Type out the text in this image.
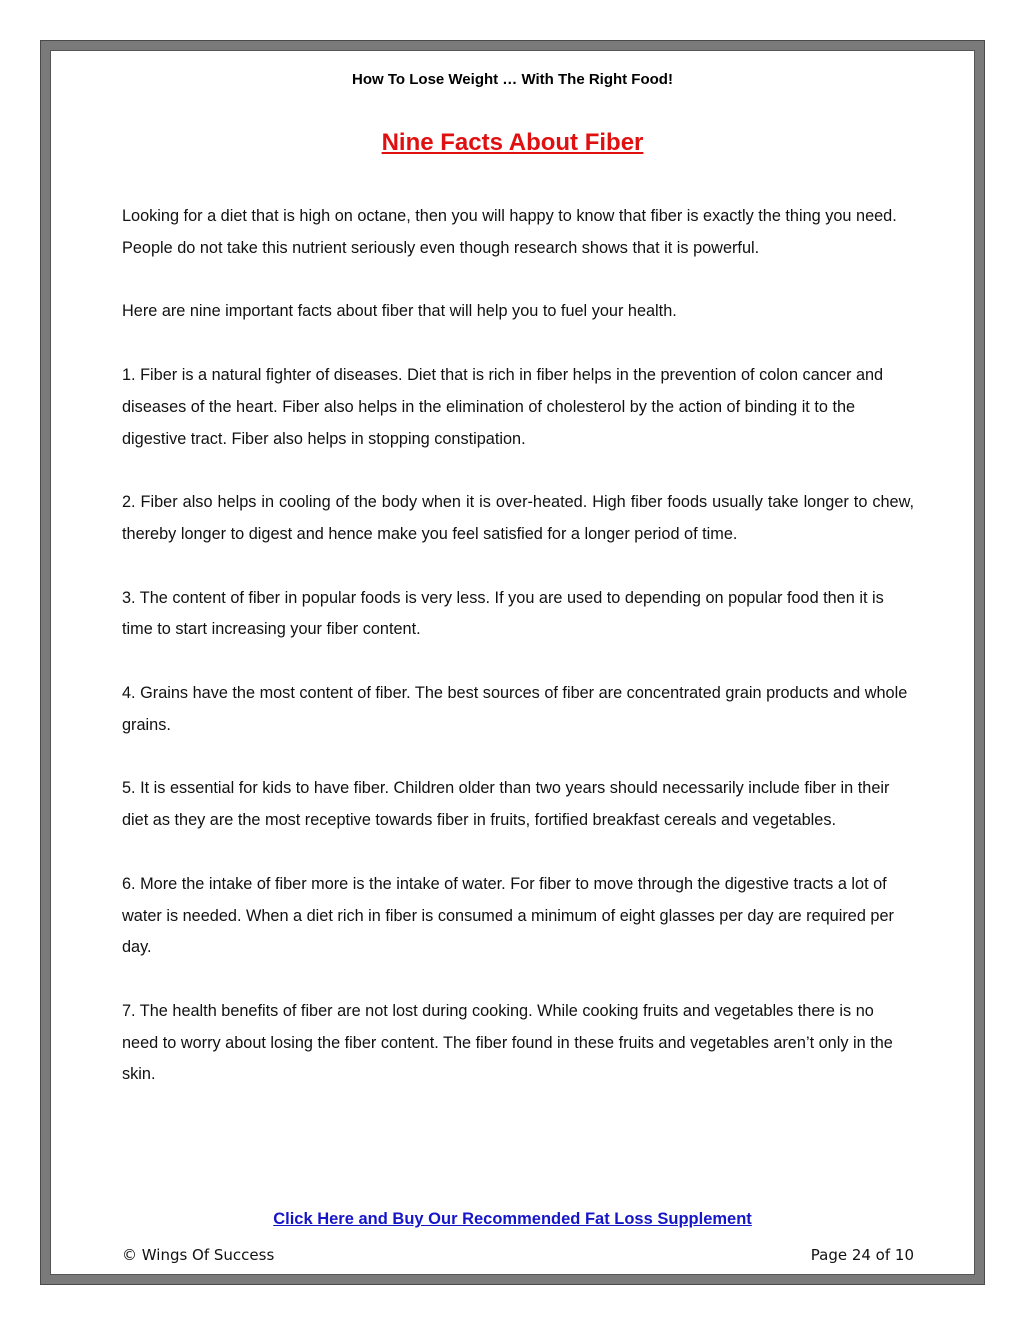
How To Lose Weight … With The Right Food!
Nine Facts About Fiber

Looking for a diet that is high on octane, then you will happy to know that fiber is exactly the thing you need. People do not take this nutrient seriously even though research shows that it is powerful.

Here are nine important facts about fiber that will help you to fuel your health.

1. Fiber is a natural fighter of diseases. Diet that is rich in fiber helps in the prevention of colon cancer and diseases of the heart. Fiber also helps in the elimination of cholesterol by the action of binding it to the digestive tract. Fiber also helps in stopping constipation.

2. Fiber also helps in cooling of the body when it is over-heated. High fiber foods usually take longer to chew, thereby longer to digest and hence make you feel satisfied for a longer period of time.

3. The content of fiber in popular foods is very less. If you are used to depending on popular food then it is time to start increasing your fiber content.

4. Grains have the most content of fiber. The best sources of fiber are concentrated grain products and whole grains.

5. It is essential for kids to have fiber. Children older than two years should necessarily include fiber in their diet as they are the most receptive towards fiber in fruits, fortified breakfast cereals and vegetables.

6. More the intake of fiber more is the intake of water. For fiber to move through the digestive tracts a lot of water is needed. When a diet rich in fiber is consumed a minimum of eight glasses per day are required per day.

7. The health benefits of fiber are not lost during cooking. While cooking fruits and vegetables there is no need to worry about losing the fiber content. The fiber found in these fruits and vegetables aren’t only in the skin.

Click Here and Buy Our Recommended Fat Loss Supplement
© Wings Of Success	Page 24 of 10
